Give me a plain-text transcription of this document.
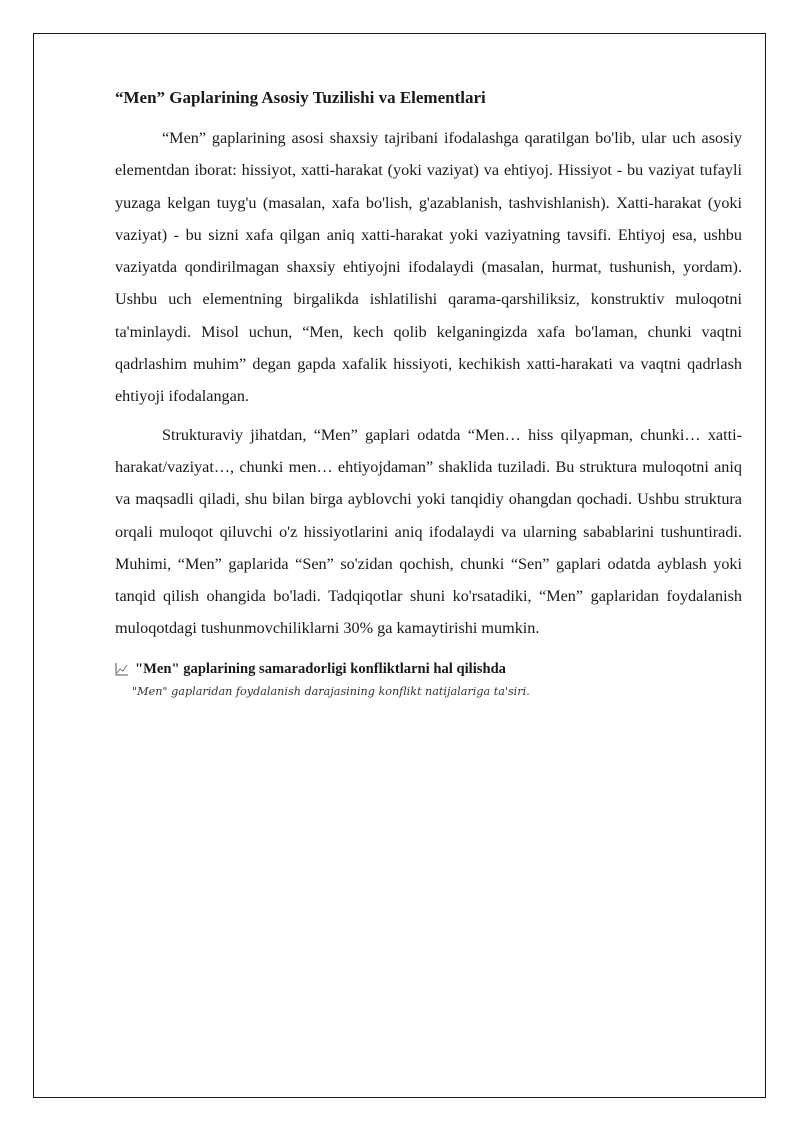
“Men” Gaplarining Asosiy Tuzilishi va Elementlari

“Men” gaplarining asosi shaxsiy tajribani ifodalashga qaratilgan bo'lib, ular uch asosiy elementdan iborat: hissiyot, xatti-harakat (yoki vaziyat) va ehtiyoj. Hissiyot - bu vaziyat tufayli yuzaga kelgan tuyg'u (masalan, xafa bo'lish, g'azablanish, tashvishlanish). Xatti-harakat (yoki vaziyat) - bu sizni xafa qilgan aniq xatti-harakat yoki vaziyatning tavsifi. Ehtiyoj esa, ushbu vaziyatda qondirilmagan shaxsiy ehtiyojni ifodalaydi (masalan, hurmat, tushunish, yordam). Ushbu uch elementning birgalikda ishlatilishi qarama-qarshiliksiz, konstruktiv muloqotni ta'minlaydi. Misol uchun, “Men, kech qolib kelganingizda xafa bo'laman, chunki vaqtni qadrlashim muhim” degan gapda xafalik hissiyoti, kechikish xatti-harakati va vaqtni qadrlash ehtiyoji ifodalangan.

Strukturaviy jihatdan, “Men” gaplari odatda “Men… hiss qilyapman, chunki… xatti-harakat/vaziyat…, chunki men… ehtiyojdaman” shaklida tuziladi. Bu struktura muloqotni aniq va maqsadli qiladi, shu bilan birga ayblovchi yoki tanqidiy ohangdan qochadi. Ushbu struktura orqali muloqot qiluvchi o'z hissiyotlarini aniq ifodalaydi va ularning sabablarini tushuntiradi. Muhimi, “Men” gaplarida “Sen” so'zidan qochish, chunki “Sen” gaplari odatda ayblash yoki tanqid qilish ohangida bo'ladi. Tadqiqotlar shuni ko'rsatadiki, “Men” gaplaridan foydalanish muloqotdagi tushunmovchiliklarni 30% ga kamaytirishi mumkin.

"Men" gaplarining samaradorligi konfliktlarni hal qilishda
"Men" gaplaridan foydalanish darajasining konflikt natijalariga ta'siri.
